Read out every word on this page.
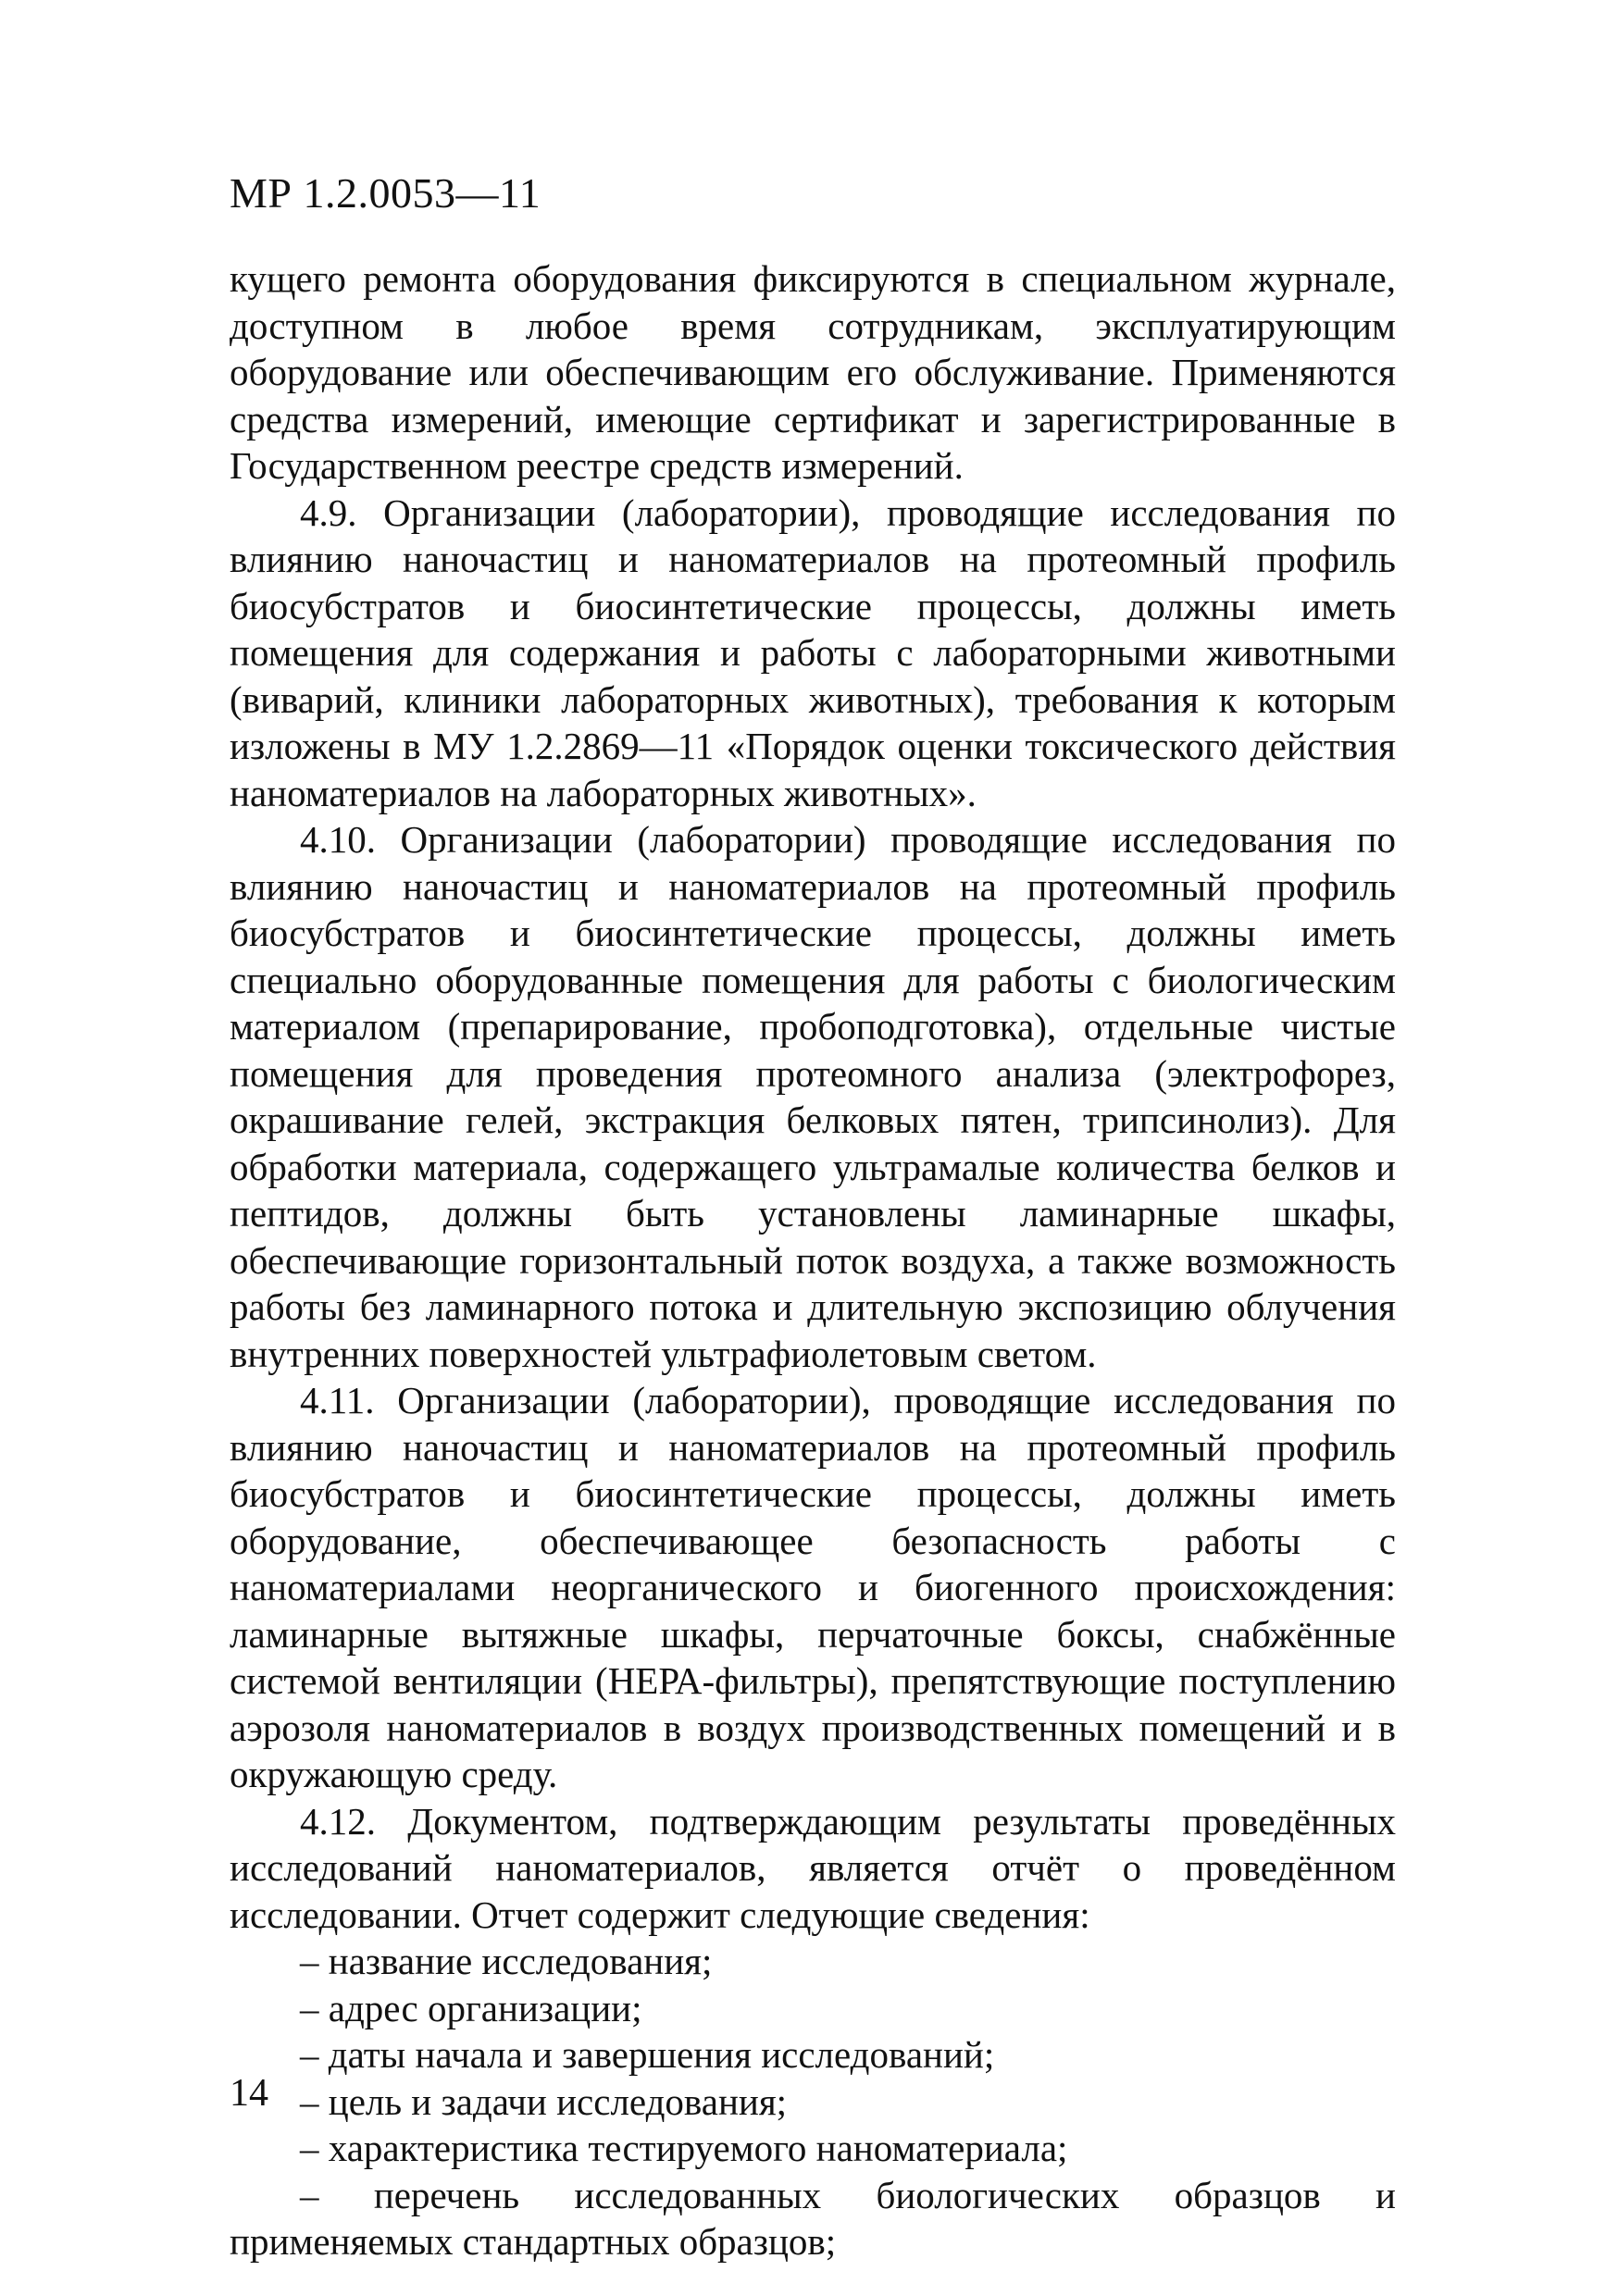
МР 1.2.0053—11

кущего ремонта оборудования фиксируются в специальном журнале, доступном в любое время сотрудникам, эксплуатирующим оборудование или обеспечивающим его обслуживание. Применяются средства измерений, имеющие сертификат и зарегистрированные в Государственном реестре средств измерений.

4.9. Организации (лаборатории), проводящие исследования по влиянию наночастиц и наноматериалов на протеомный профиль биосубстратов и биосинтетические процессы, должны иметь помещения для содержания и работы с лабораторными животными (виварий, клиники лабораторных животных), требования к которым изложены в МУ 1.2.2869—11 «Порядок оценки токсического действия наноматериалов на лабораторных животных».

4.10. Организации (лаборатории) проводящие исследования по влиянию наночастиц и наноматериалов на протеомный профиль биосубстратов и биосинтетические процессы, должны иметь специально оборудованные помещения для работы с биологическим материалом (препарирование, пробоподготовка), отдельные чистые помещения для проведения протеомного анализа (электрофорез, окрашивание гелей, экстракция белковых пятен, трипсинолиз). Для обработки материала, содержащего ультрамалые количества белков и пептидов, должны быть установлены ламинарные шкафы, обеспечивающие горизонтальный поток воздуха, а также возможность работы без ламинарного потока и длительную экспозицию облучения внутренних поверхностей ультрафиолетовым светом.

4.11. Организации (лаборатории), проводящие исследования по влиянию наночастиц и наноматериалов на протеомный профиль биосубстратов и биосинтетические процессы, должны иметь оборудование, обеспечивающее безопасность работы с наноматериалами неорганического и биогенного происхождения: ламинарные вытяжные шкафы, перчаточные боксы, снабжённые системой вентиляции (НЕРА-фильтры), препятствующие поступлению аэрозоля наноматериалов в воздух производственных помещений и в окружающую среду.

4.12. Документом, подтверждающим результаты проведённых исследований наноматериалов, является отчёт о проведённом исследовании. Отчет содержит следующие сведения:

– название исследования;
– адрес организации;
– даты начала и завершения исследований;
– цель и задачи исследования;
– характеристика тестируемого наноматериала;
– перечень исследованных биологических образцов и применяемых стандартных образцов;
14
